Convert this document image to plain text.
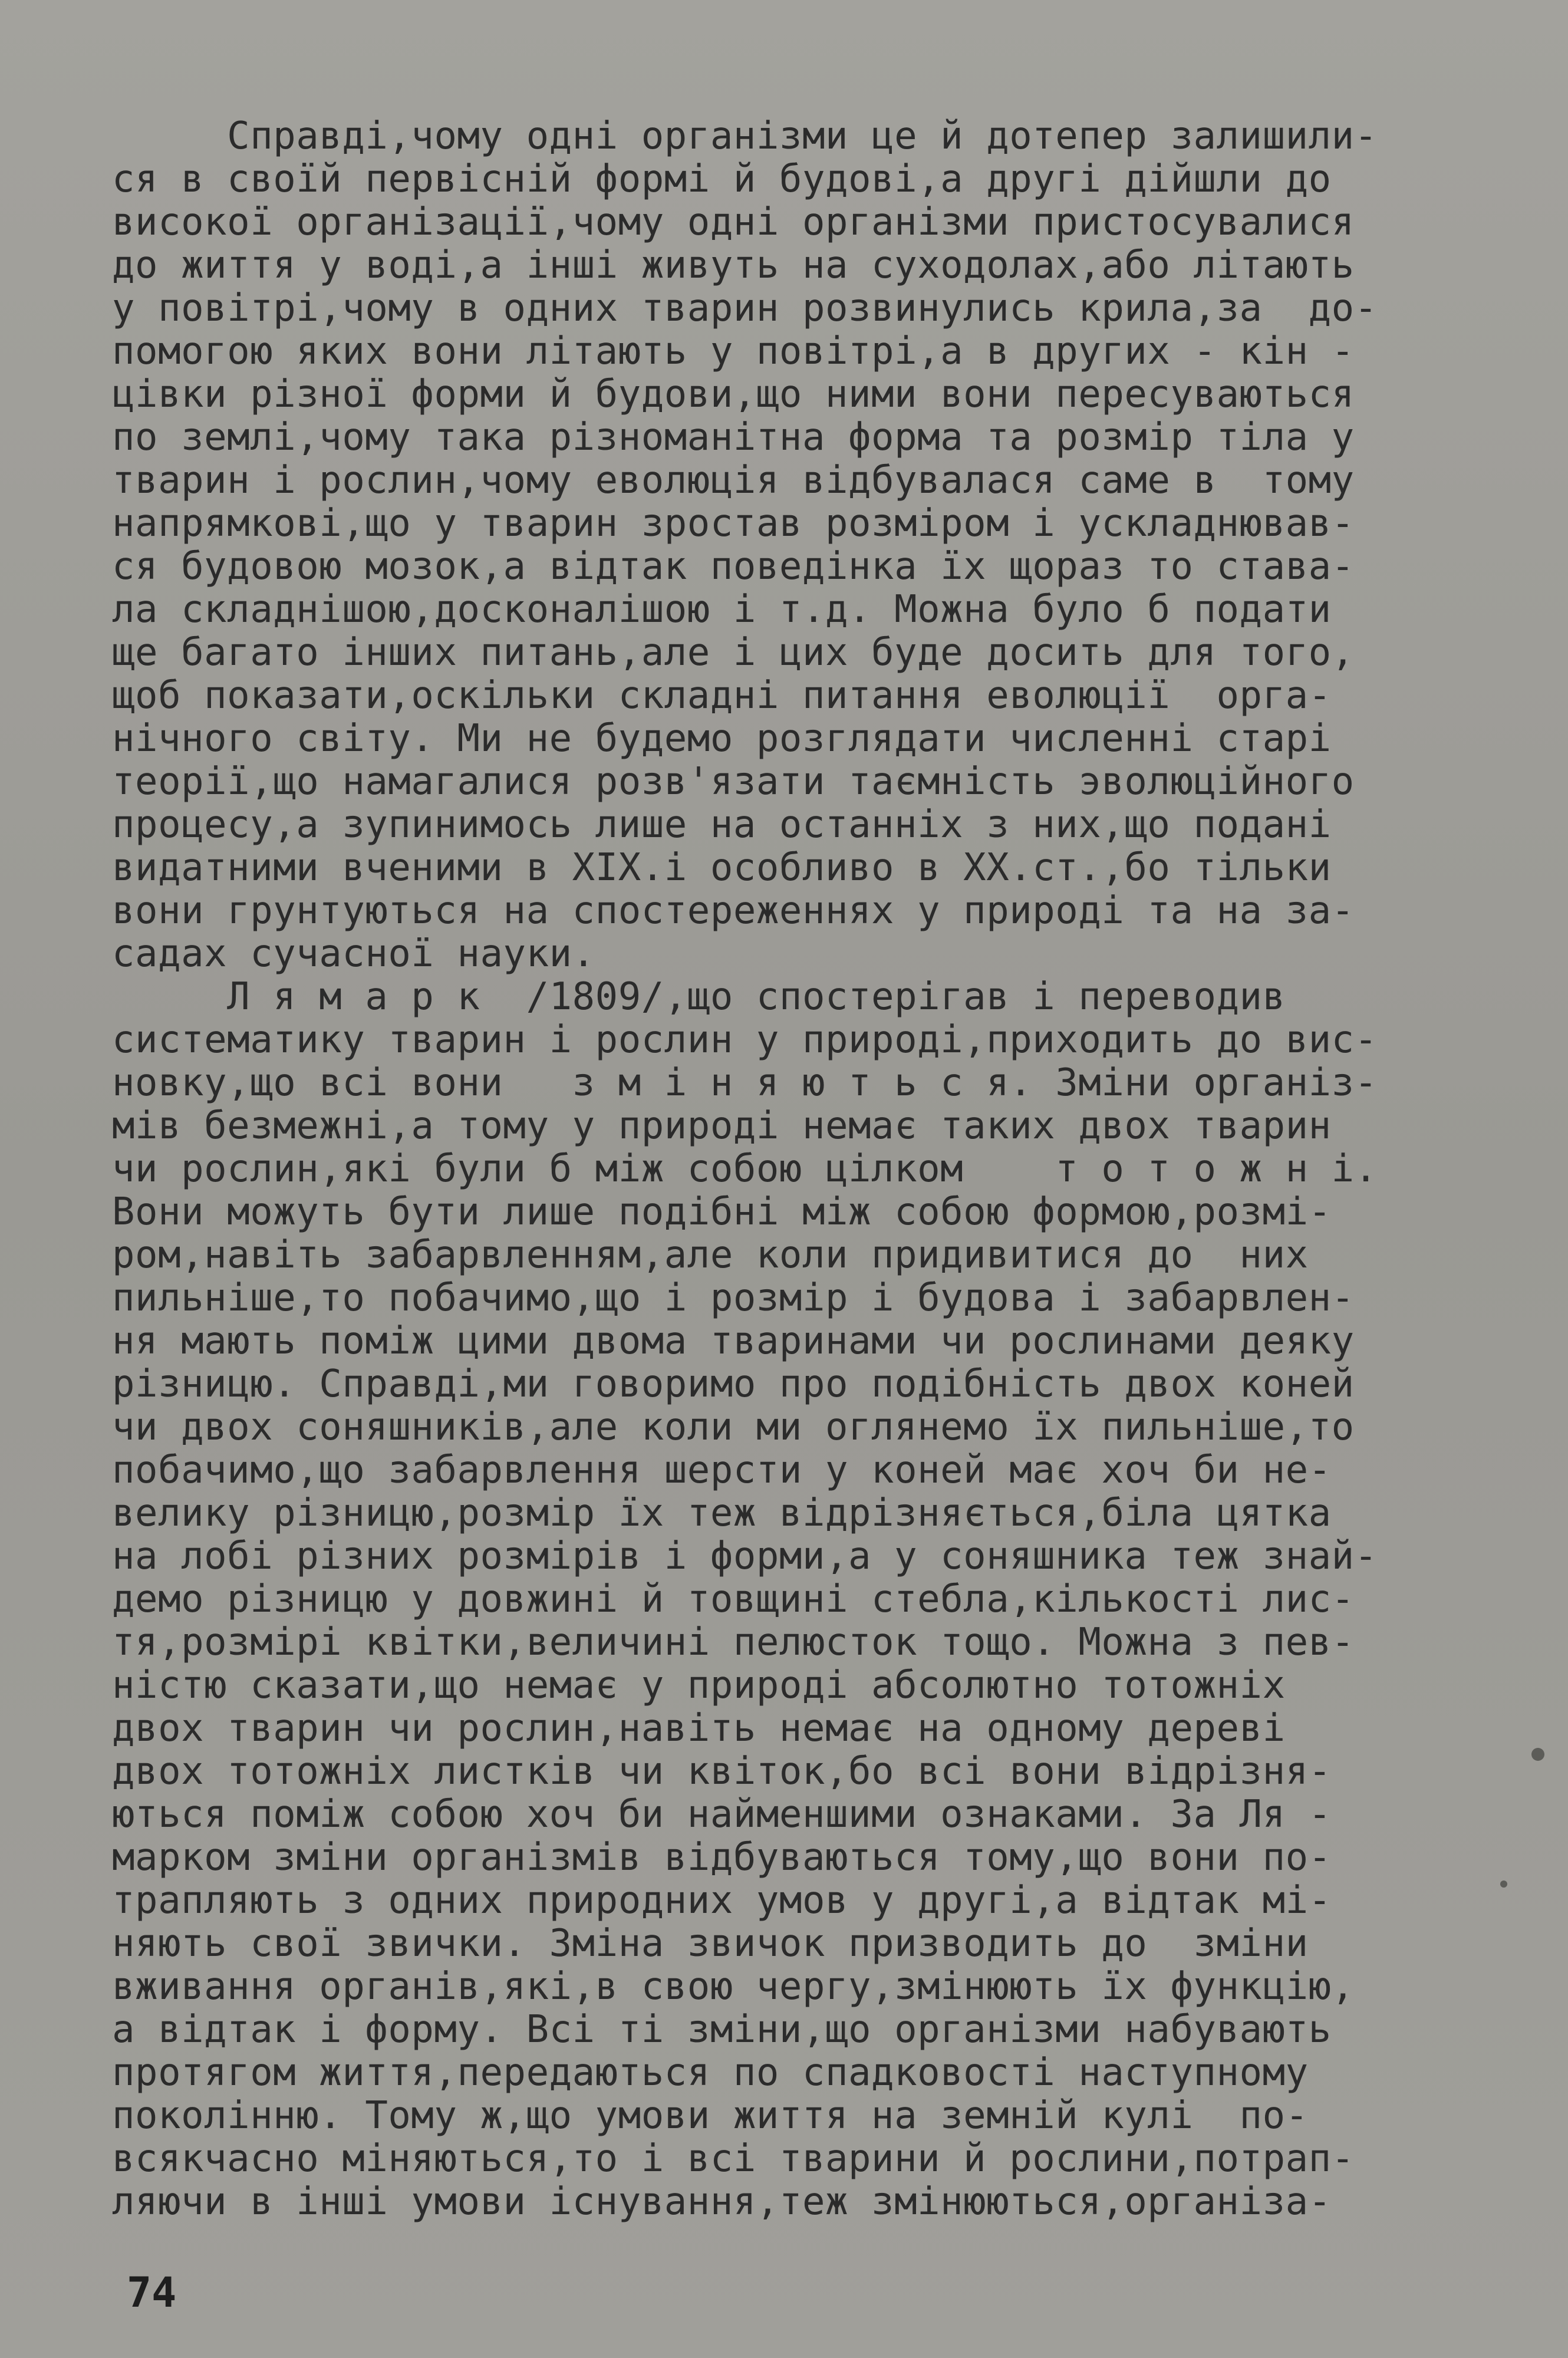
Справді,чому одні організми це й дотепер залишили-
ся в своїй первісній формі й будові,а другі дійшли до
високої організації,чому одні організми пристосувалися
до життя у воді,а інші живуть на суходолах,або літають
у повітрі,чому в одних тварин розвинулись крила,за  до-
помогою яких вони літають у повітрі,а в других - кін -
цівки різної форми й будови,що ними вони пересуваються
по землі,чому така різноманітна форма та розмір тіла у
тварин і рослин,чому еволюція відбувалася саме в  тому
напрямкові,що у тварин зростав розміром і ускладнював-
ся будовою мозок,а відтак поведінка їх щораз то става-
ла складнішою,досконалішою і т.д. Можна було б подати
ще багато інших питань,але і цих буде досить для того,
щоб показати,оскільки складні питання еволюції  орга-
нічного світу. Ми не будемо розглядати численні старі
теорії,що намагалися розв'язати таємність эволюційного
процесу,а зупинимось лише на останніх з них,що подані
видатними вченими в XIX.і особливо в XX.ст.,бо тільки
вони грунтуються на спостереженнях у природі та на за-
садах сучасної науки.
Л я м а р к  /1809/,що спостерігав і переводив
систематику тварин і рослин у природі,приходить до вис-
новку,що всі вони   з м і н я ю т ь с я. Зміни організ-
мів безмежні,а тому у природі немає таких двох тварин
чи рослин,які були б між собою цілком    т о т о ж н і.
Вони можуть бути лише подібні між собою формою,розмі-
ром,навіть забарвленням,але коли придивитися до  них
пильніше,то побачимо,що і розмір і будова і забарвлен-
ня мають поміж цими двома тваринами чи рослинами деяку
різницю. Справді,ми говоримо про подібність двох коней
чи двох соняшників,але коли ми оглянемо їх пильніше,то
побачимо,що забарвлення шерсти у коней має хоч би не-
велику різницю,розмір їх теж відрізняється,біла цятка
на лобі різних розмірів і форми,а у соняшника теж знай-
демо різницю у довжині й товщині стебла,кількості лис-
тя,розмірі квітки,величині пелюсток тощо. Можна з пев-
ністю сказати,що немає у природі абсолютно тотожніх
двох тварин чи рослин,навіть немає на одному дереві
двох тотожніх листків чи квіток,бо всі вони відрізня-
ються поміж собою хоч би найменшими ознаками. За Ля -
марком зміни організмів відбуваються тому,що вони по-
трапляють з одних природних умов у другі,а відтак мі-
няють свої звички. Зміна звичок призводить до  зміни
вживання органів,які,в свою чергу,змінюють їх функцію,
а відтак і форму. Всі ті зміни,що організми набувають
протягом життя,передаються по спадковості наступному
поколінню. Тому ж,що умови життя на земній кулі  по-
всякчасно міняються,то і всі тварини й рослини,потрап-
ляючи в інші умови існування,теж змінюються,організа-
74
